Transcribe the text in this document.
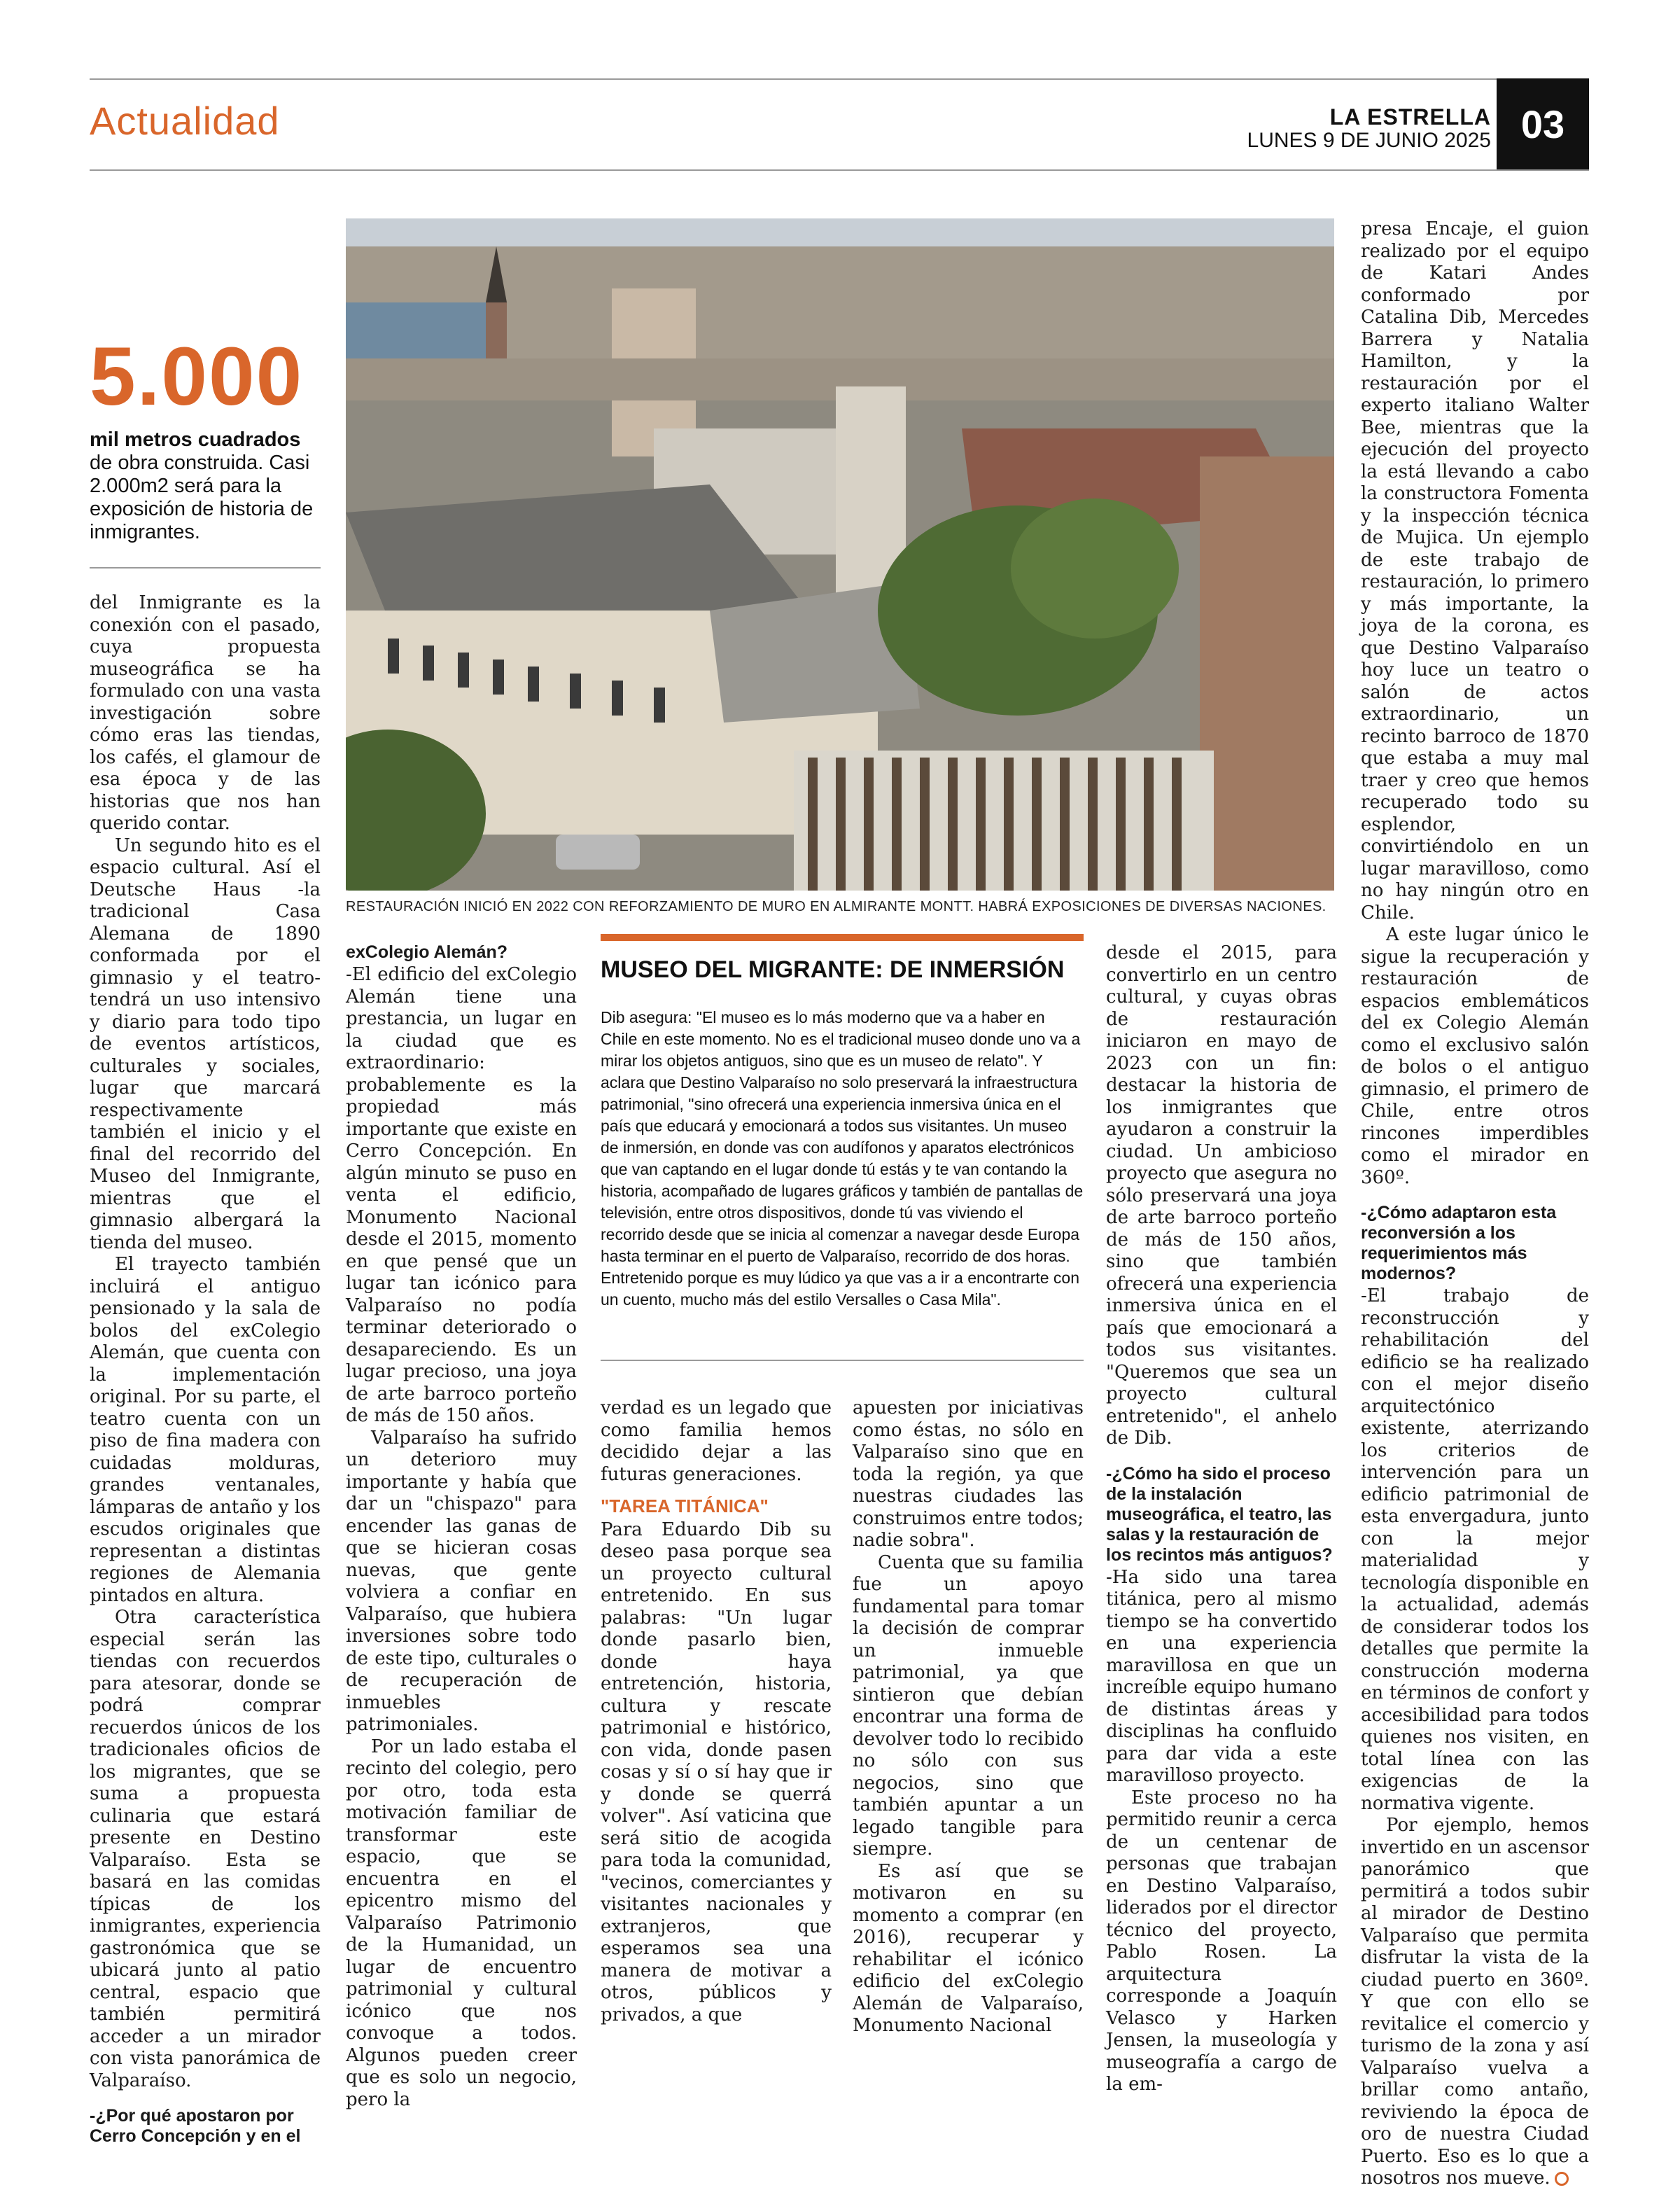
Actualidad	LA ESTRELLA
LUNES 9 DE JUNIO 2025 03
5.000
mil metros cuadrados
de obra construida. Casi 2.000m2 será para la exposición de historia de inmigrantes.
RESTAURACIÓN INICIÓ EN 2022 CON REFORZAMIENTO DE MURO EN ALMIRANTE MONTT. HABRÁ EXPOSICIONES DE DIVERSAS NACIONES.

del Inmigrante es la conexión con el pasado, cuya propuesta museográfica se ha formulado con una vasta investigación sobre cómo eras las tiendas, los cafés, el glamour de esa época y de las historias que nos han querido contar.

Un segundo hito es el espacio cultural. Así el Deutsche Haus -la tradicional Casa Alemana de 1890 conformada por el gimnasio y el teatro- tendrá un uso intensivo y diario para todo tipo de eventos artísticos, culturales y sociales, lugar que marcará respectivamente también el inicio y el final del recorrido del Museo del Inmigrante, mientras que el gimnasio albergará la tienda del museo.

El trayecto también incluirá el antiguo pensionado y la sala de bolos del exColegio Alemán, que cuenta con la implementación original. Por su parte, el teatro cuenta con un piso de fina madera con cuidadas molduras, grandes ventanales, lámparas de antaño y los escudos originales que representan a distintas regiones de Alemania pintados en altura.

Otra característica especial serán las tiendas con recuerdos para atesorar, donde se podrá comprar recuerdos únicos de los tradicionales oficios de los migrantes, que se suma a propuesta culinaria que estará presente en Destino Valparaíso. Esta se basará en las comidas típicas de los inmigrantes, experiencia gastronómica que se ubicará junto al patio central, espacio que también permitirá acceder a un mirador con vista panorámica de Valparaíso.

-¿Por qué apostaron por Cerro Concepción y en el
exColegio Alemán?

-El edificio del exColegio Alemán tiene una prestancia, un lugar en la ciudad que es extraordinario: probablemente es la propiedad más importante que existe en Cerro Concepción. En algún minuto se puso en venta el edificio, Monumento Nacional desde el 2015, momento en que pensé que un lugar tan icónico para Valparaíso no podía terminar deteriorado o desapareciendo. Es un lugar precioso, una joya de arte barroco porteño de más de 150 años.

Valparaíso ha sufrido un deterioro muy importante y había que dar un "chispazo" para encender las ganas de que se hicieran cosas nuevas, que gente volviera a confiar en Valparaíso, que hubiera inversiones sobre todo de este tipo, culturales o de recuperación de inmuebles patrimoniales.

Por un lado estaba el recinto del colegio, pero por otro, toda esta motivación familiar de transformar este espacio, que se encuentra en el epicentro mismo del Valparaíso Patrimonio de la Humanidad, un lugar de encuentro patrimonial y cultural icónico que nos convoque a todos. Algunos pueden creer que es solo un negocio, pero la

MUSEO DEL MIGRANTE: DE INMERSIÓN
Dib asegura: "El museo es lo más moderno que va a haber en Chile en este momento. No es el tradicional museo donde uno va a mirar los objetos antiguos, sino que es un museo de relato". Y aclara que Destino Valparaíso no solo preservará la infraestructura patrimonial, "sino ofrecerá una experiencia inmersiva única en el país que educará y emocionará a todos sus visitantes. Un museo de inmersión, en donde vas con audífonos y aparatos electrónicos que van captando en el lugar donde tú estás y te van contando la historia, acompañado de lugares gráficos y también de pantallas de televisión, entre otros dispositivos, donde tú vas viviendo el recorrido desde que se inicia al comenzar a navegar desde Europa hasta terminar en el puerto de Valparaíso, recorrido de dos horas. Entretenido porque es muy lúdico ya que vas a ir a encontrarte con un cuento, mucho más del estilo Versalles o Casa Mila".

verdad es un legado que como familia hemos decidido dejar a las futuras generaciones.

"TAREA TITÁNICA"

Para Eduardo Dib su deseo pasa porque sea un proyecto cultural entretenido. En sus palabras: "Un lugar donde pasarlo bien, donde haya entretención, historia, cultura y rescate patrimonial e histórico, con vida, donde pasen cosas y sí o sí hay que ir y donde se querrá volver". Así vaticina que será sitio de acogida para toda la comunidad, "vecinos, comerciantes y visitantes nacionales y extranjeros, que esperamos sea una manera de motivar a otros, públicos y privados, a que

apuesten por iniciativas como éstas, no sólo en Valparaíso sino que en toda la región, ya que nuestras ciudades las construimos entre todos; nadie sobra".

Cuenta que su familia fue un apoyo fundamental para tomar la decisión de comprar un inmueble patrimonial, ya que sintieron que debían encontrar una forma de devolver todo lo recibido no sólo con sus negocios, sino que también apuntar a un legado tangible para siempre.

Es así que se motivaron en su momento a comprar (en 2016), recuperar y rehabilitar el icónico edificio del exColegio Alemán de Valparaíso, Monumento Nacional

desde el 2015, para convertirlo en un centro cultural, y cuyas obras de restauración iniciaron en mayo de 2023 con un fin: destacar la historia de los inmigrantes que ayudaron a construir la ciudad. Un ambicioso proyecto que asegura no sólo preservará una joya de arte barroco porteño de más de 150 años, sino que también ofrecerá una experiencia inmersiva única en el país que emocionará a todos sus visitantes. "Queremos que sea un proyecto cultural entretenido", el anhelo de Dib.

-¿Cómo ha sido el proceso de la instalación museográfica, el teatro, las salas y la restauración de los recintos más antiguos?

-Ha sido una tarea titánica, pero al mismo tiempo se ha convertido en una experiencia maravillosa en que un increíble equipo humano de distintas áreas y disciplinas ha confluido para dar vida a este maravilloso proyecto.

Este proceso no ha permitido reunir a cerca de un centenar de personas que trabajan en Destino Valparaíso, liderados por el director técnico del proyecto, Pablo Rosen. La arquitectura corresponde a Joaquín Velasco y Harken Jensen, la museología y museografía a cargo de la em-

presa Encaje, el guion realizado por el equipo de Katari Andes conformado por Catalina Dib, Mercedes Barrera y Natalia Hamilton, y la restauración por el experto italiano Walter Bee, mientras que la ejecución del proyecto la está llevando a cabo la constructora Fomenta y la inspección técnica de Mujica. Un ejemplo de este trabajo de restauración, lo primero y más importante, la joya de la corona, es que Destino Valparaíso hoy luce un teatro o salón de actos extraordinario, un recinto barroco de 1870 que estaba a muy mal traer y creo que hemos recuperado todo su esplendor, convirtiéndolo en un lugar maravilloso, como no hay ningún otro en Chile.

A este lugar único le sigue la recuperación y restauración de espacios emblemáticos del ex Colegio Alemán como el exclusivo salón de bolos o el antiguo gimnasio, el primero de Chile, entre otros rincones imperdibles como el mirador en 360º.

-¿Cómo adaptaron esta reconversión a los requerimientos más modernos?

-El trabajo de reconstrucción y rehabilitación del edificio se ha realizado con el mejor diseño arquitectónico existente, aterrizando los criterios de intervención para un edificio patrimonial de esta envergadura, junto con la mejor materialidad y tecnología disponible en la actualidad, además de considerar todos los detalles que permite la construcción moderna en términos de confort y accesibilidad para todos quienes nos visiten, en total línea con las exigencias de la normativa vigente.

Por ejemplo, hemos invertido en un ascensor panorámico que permitirá a todos subir al mirador de Destino Valparaíso que permita disfrutar la vista de la ciudad puerto en 360º. Y que con ello se revitalice el comercio y turismo de la zona y así Valparaíso vuelva a brillar como antaño, reviviendo la época de oro de nuestra Ciudad Puerto. Eso es lo que a nosotros nos mueve.
